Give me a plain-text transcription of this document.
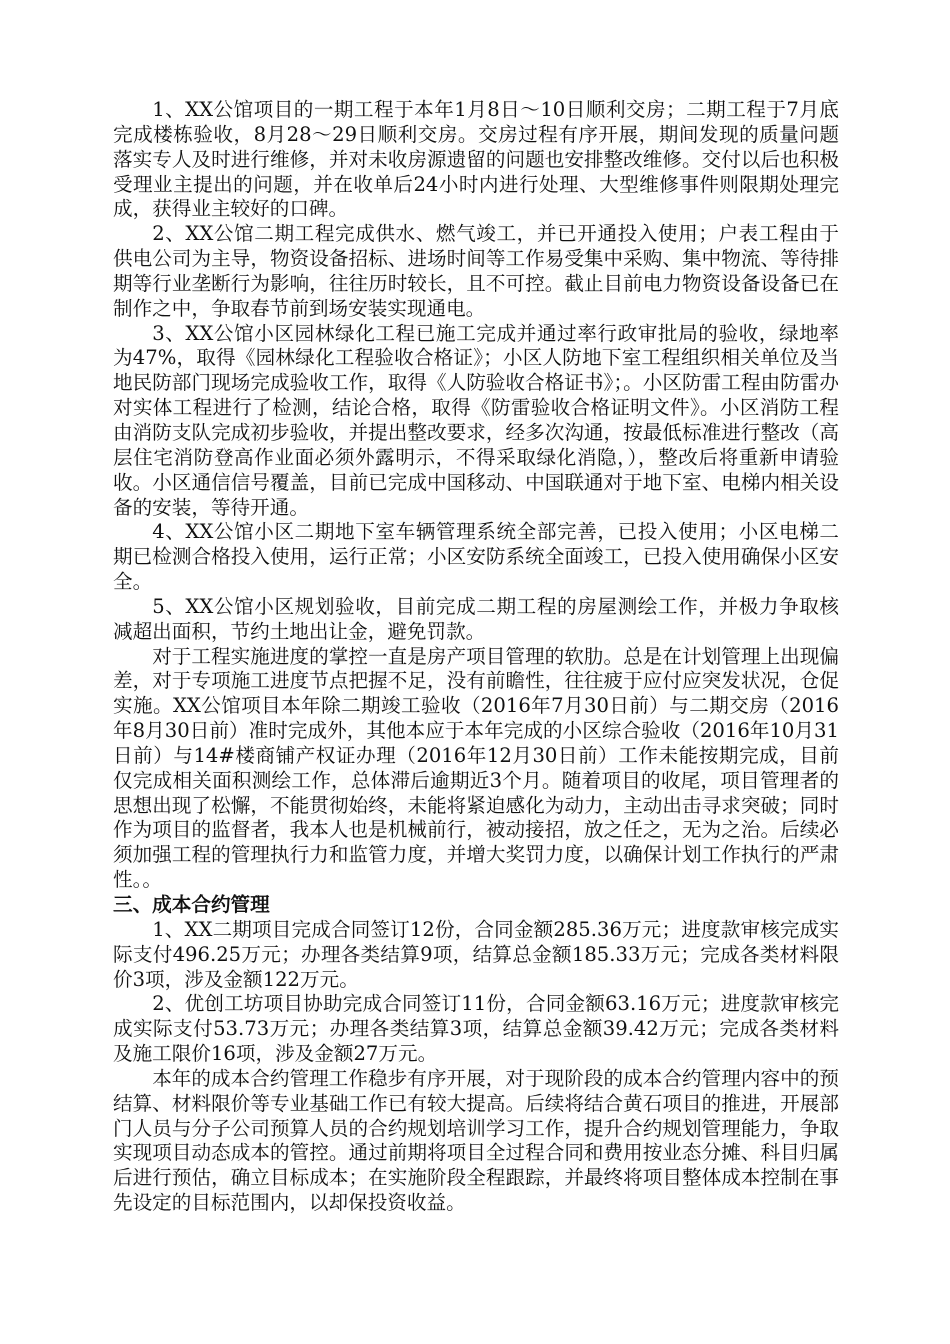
1、XX公馆项目的一期工程于本年1月8日～10日顺利交房；二期工程于7月底完成楼栋验收，8月28～29日顺利交房。交房过程有序开展，期间发现的质量问题落实专人及时进行维修，并对未收房源遗留的问题也安排整改维修。交付以后也积极受理业主提出的问题，并在收单后24小时内进行处理、大型维修事件则限期处理完成，获得业主较好的口碑。

2、XX公馆二期工程完成供水、燃气竣工，并已开通投入使用；户表工程由于供电公司为主导，物资设备招标、进场时间等工作易受集中采购、集中物流、等待排期等行业垄断行为影响，往往历时较长，且不可控。截止目前电力物资设备设备已在制作之中，争取春节前到场安装实现通电。

3、XX公馆小区园林绿化工程已施工完成并通过率行政审批局的验收，绿地率为47%，取得《园林绿化工程验收合格证》；小区人防地下室工程组织相关单位及当地民防部门现场完成验收工作，取得《人防验收合格证书》；。小区防雷工程由防雷办对实体工程进行了检测，结论合格，取得《防雷验收合格证明文件》。小区消防工程由消防支队完成初步验收，并提出整改要求，经多次沟通，按最低标准进行整改（高层住宅消防登高作业面必须外露明示，不得采取绿化消隐，），整改后将重新申请验收。小区通信信号覆盖，目前已完成中国移动、中国联通对于地下室、电梯内相关设备的安装，等待开通。

4、XX公馆小区二期地下室车辆管理系统全部完善，已投入使用；小区电梯二期已检测合格投入使用，运行正常；小区安防系统全面竣工，已投入使用确保小区安全。

5、XX公馆小区规划验收，目前完成二期工程的房屋测绘工作，并极力争取核减超出面积，节约土地出让金，避免罚款。

对于工程实施进度的掌控一直是房产项目管理的软肋。总是在计划管理上出现偏差，对于专项施工进度节点把握不足，没有前瞻性，往往疲于应付应突发状况，仓促实施。XX公馆项目本年除二期竣工验收（2016年7月30日前）与二期交房（2016年8月30日前）准时完成外，其他本应于本年完成的小区综合验收（2016年10月31日前）与14#楼商铺产权证办理（2016年12月30日前）工作未能按期完成，目前仅完成相关面积测绘工作，总体滞后逾期近3个月。随着项目的收尾，项目管理者的思想出现了松懈，不能贯彻始终，未能将紧迫感化为动力，主动出击寻求突破；同时作为项目的监督者，我本人也是机械前行，被动接招，放之任之，无为之治。后续必须加强工程的管理执行力和监管力度，并增大奖罚力度，以确保计划工作执行的严肃性。。

三、成本合约管理

1、XX二期项目完成合同签订12份，合同金额285.36万元；进度款审核完成实际支付496.25万元；办理各类结算9项，结算总金额185.33万元；完成各类材料限价3项，涉及金额122万元。

2、优创工坊项目协助完成合同签订11份，合同金额63.16万元；进度款审核完成实际支付53.73万元；办理各类结算3项，结算总金额39.42万元；完成各类材料及施工限价16项，涉及金额27万元。

本年的成本合约管理工作稳步有序开展，对于现阶段的成本合约管理内容中的预结算、材料限价等专业基础工作已有较大提高。后续将结合黄石项目的推进，开展部门人员与分子公司预算人员的合约规划培训学习工作，提升合约规划管理能力，争取实现项目动态成本的管控。通过前期将项目全过程合同和费用按业态分摊、科目归属后进行预估，确立目标成本；在实施阶段全程跟踪，并最终将项目整体成本控制在事先设定的目标范围内，以却保投资收益。
